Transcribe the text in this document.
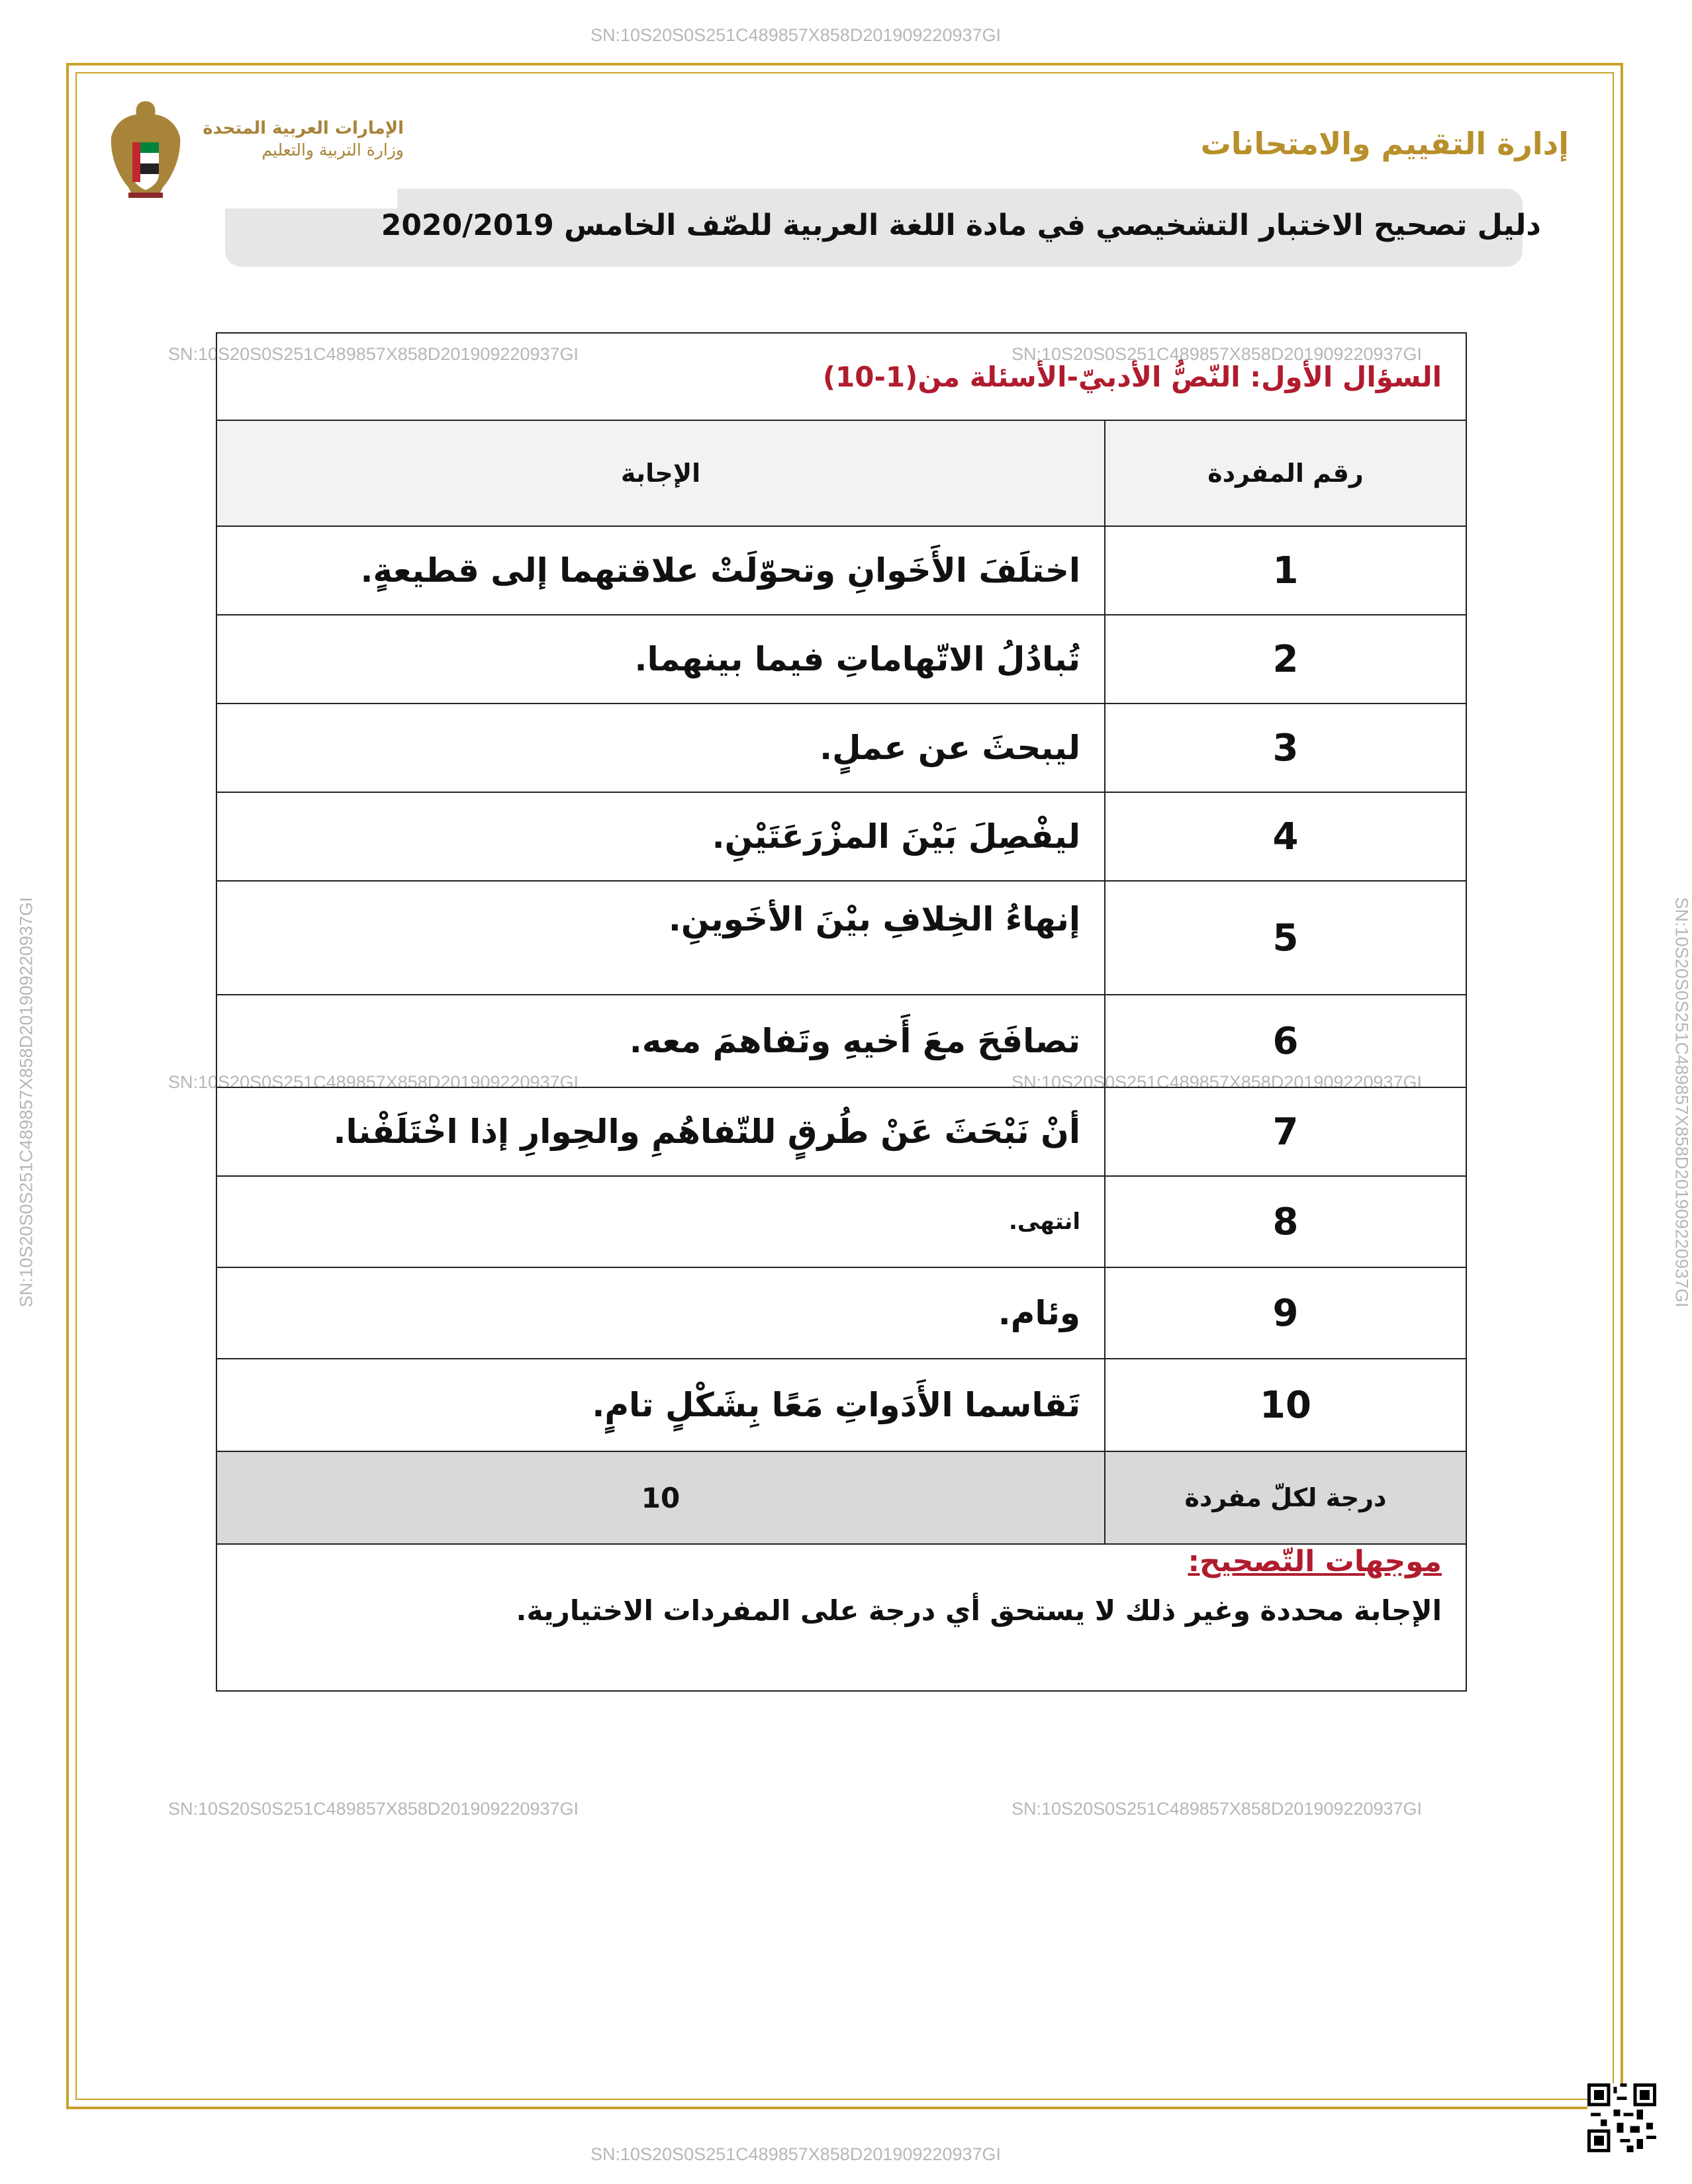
SN:10S20S0S251C489857X858D201909220937GI
SN:10S20S0S251C489857X858D201909220937GI	SN:10S20S0S251C489857X858D201909220937GI
SN:10S20S0S251C489857X858D201909220937GI	SN:10S20S0S251C489857X858D201909220937GI
SN:10S20S0S251C489857X858D201909220937GI	SN:10S20S0S251C489857X858D201909220937GI
SN:10S20S0S251C489857X858D201909220937GI
SN:10S20S0S251C489857X858D201909220937GI	SN:10S20S0S251C489857X858D201909220937GI
الإمارات العربية المتحدة
وزارة التربية والتعليم	إدارة التقييم والامتحانات
دليل تصحيح الاختبار التشخيصي في مادة اللغة العربية للصّف الخامس 2020/2019
السؤال الأول: النّصُّ الأدبيّ-الأسئلة من(1-10)	
رقم المفردة	الإجابة
1	اختلَفَ الأَخَوانِ وتحوّلَتْ علاقتهما إلى قطيعةٍ.
2	تُبادُلُ الاتّهاماتِ فيما بينهما.
3	ليبحثَ عن عملٍ.
4	ليفْصِلَ بَيْنَ المزْرَعَتَيْنِ.
5	إنهاءُ الخِلافِ بيْنَ الأخَوينِ.
6	تصافَحَ معَ أَخيهِ وتَفاهمَ معه.
7	أنْ نَبْحَثَ عَنْ طُرقٍ للتّفاهُمِ والحِوارِ إذا اخْتَلَفْنا.
8	انتهى.
9	وئام.
10	تَقاسما الأَدَواتِ مَعًا بِشَكْلٍ تامٍ.
درجة لكلّ مفردة	10

موجهات التّصحيح:
الإجابة محددة وغير ذلك لا يستحق أي درجة على المفردات الاختيارية.	
